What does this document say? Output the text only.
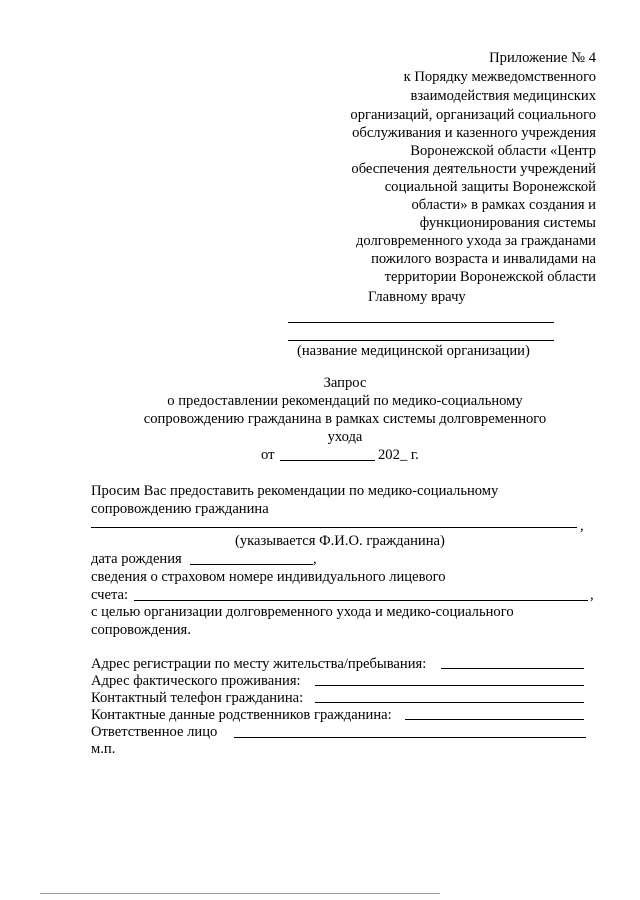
Приложение № 4
к Порядку межведомственного
взаимодействия медицинских
организаций, организаций социального
обслуживания и казенного учреждения
Воронежской области «Центр
обеспечения деятельности учреждений
социальной защиты Воронежской
области» в рамках создания и
функционирования системы
долговременного ухода за гражданами
пожилого возраста и инвалидами на
территории Воронежской области
Главному врачу
(название медицинской организации)
Запрос
о предоставлении рекомендаций по медико-социальному
сопровождению гражданина в рамках системы долговременного
ухода
от	202_ г.
Просим Вас предоставить рекомендации по медико-социальному
сопровождению гражданина
,
(указывается Ф.И.О. гражданина)
дата рождения	,
сведения о страховом номере индивидуального лицевого
счета:	,
с целью организации долговременного ухода и медико-социального
сопровождения.
Адрес регистрации по месту жительства/пребывания:
Адрес фактического проживания:
Контактный телефон гражданина:
Контактные данные родственников гражданина:
Ответственное лицо
м.п.
